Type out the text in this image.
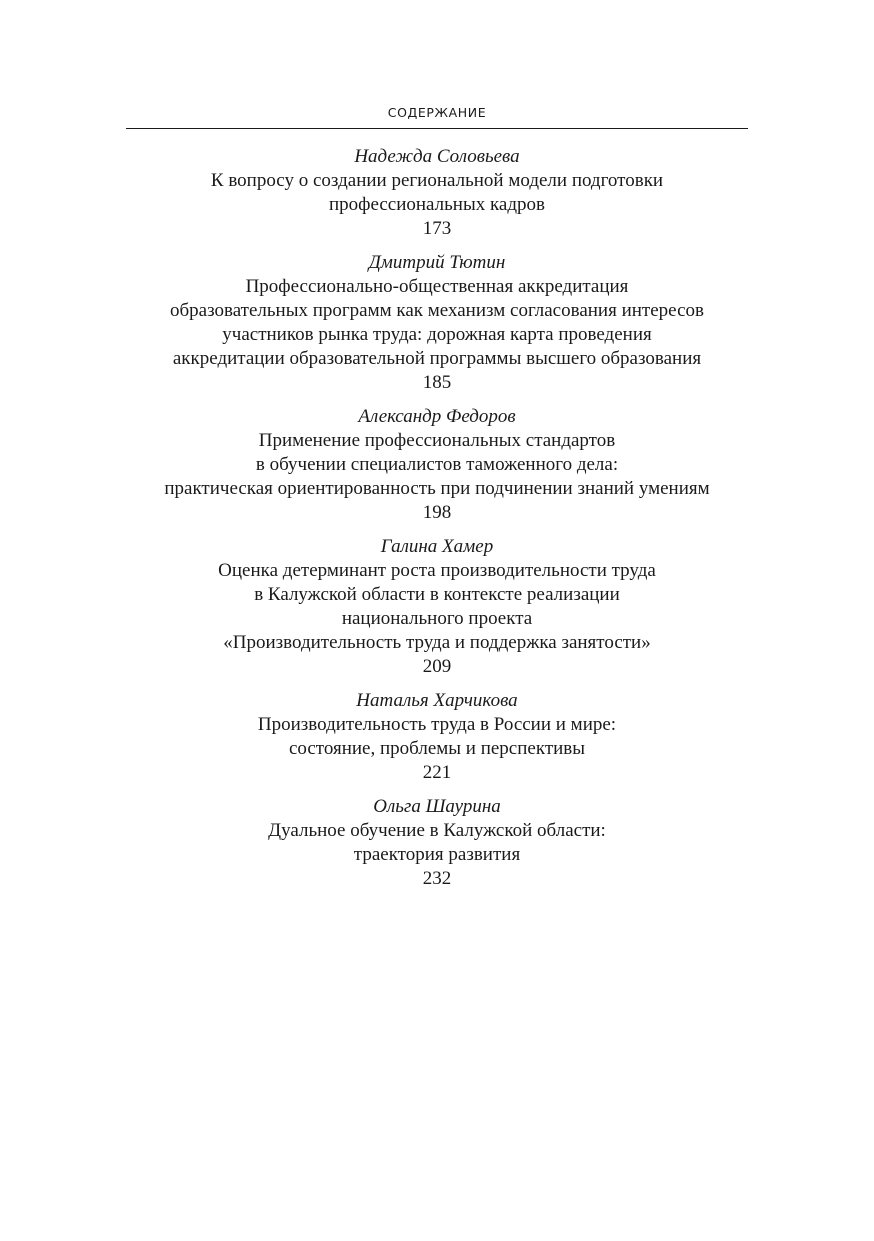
СОДЕРЖАНИЕ
Надежда Соловьева
К вопросу о создании региональной модели подготовки
профессиональных кадров
173
Дмитрий Тютин
Профессионально-общественная аккредитация
образовательных программ как механизм согласования интересов
участников рынка труда: дорожная карта проведения
аккредитации образовательной программы высшего образования
185
Александр Федоров
Применение профессиональных стандартов
в обучении специалистов таможенного дела:
практическая ориентированность при подчинении знаний умениям
198
Галина Хамер
Оценка детерминант роста производительности труда
в Калужской области в контексте реализации
национального проекта
«Производительность труда и поддержка занятости»
209
Наталья Харчикова
Производительность труда в России и мире:
состояние, проблемы и перспективы
221
Ольга Шаурина
Дуальное обучение в Калужской области:
траектория развития
232
